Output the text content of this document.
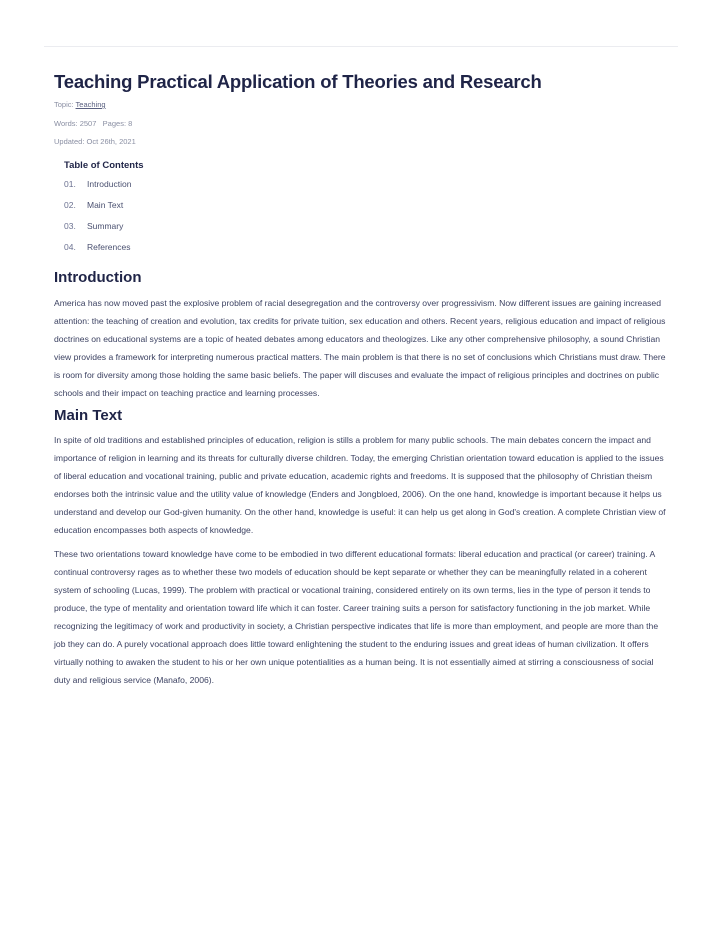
Teaching Practical Application of Theories and Research
Topic: Teaching
Words: 2507 Pages: 8
Updated: Oct 26th, 2021
Table of Contents
01.	Introduction
02.	Main Text
03.	Summary
04.	References
Introduction

America has now moved past the explosive problem of racial desegregation and the controversy over progressivism. Now different issues are gaining increased attention: the teaching of creation and evolution, tax credits for private tuition, sex education and others. Recent years, religious education and impact of religious doctrines on educational systems are a topic of heated debates among educators and theologizes. Like any other comprehensive philosophy, a sound Christian view provides a framework for interpreting numerous practical matters. The main problem is that there is no set of conclusions which Christians must draw. There is room for diversity among those holding the same basic beliefs. The paper will discuses and evaluate the impact of religious principles and doctrines on public schools and their impact on teaching practice and learning processes.

Main Text

In spite of old traditions and established principles of education, religion is stills a problem for many public schools. The main debates concern the impact and importance of religion in learning and its threats for culturally diverse children. Today, the emerging Christian orientation toward education is applied to the issues of liberal education and vocational training, public and private education, academic rights and freedoms. It is supposed that the philosophy of Christian theism endorses both the intrinsic value and the utility value of knowledge (Enders and Jongbloed, 2006). On the one hand, knowledge is important because it helps us understand and develop our God-given humanity. On the other hand, knowledge is useful: it can help us get along in God's creation. A complete Christian view of education encompasses both aspects of knowledge.

These two orientations toward knowledge have come to be embodied in two different educational formats: liberal education and practical (or career) training. A continual controversy rages as to whether these two models of education should be kept separate or whether they can be meaningfully related in a coherent system of schooling (Lucas, 1999). The problem with practical or vocational training, considered entirely on its own terms, lies in the type of person it tends to produce, the type of mentality and orientation toward life which it can foster. Career training suits a person for satisfactory functioning in the job market. While recognizing the legitimacy of work and productivity in society, a Christian perspective indicates that life is more than employment, and people are more than the job they can do. A purely vocational approach does little toward enlightening the student to the enduring issues and great ideas of human civilization. It offers virtually nothing to awaken the student to his or her own unique potentialities as a human being. It is not essentially aimed at stirring a consciousness of social duty and religious service (Manafo, 2006).
